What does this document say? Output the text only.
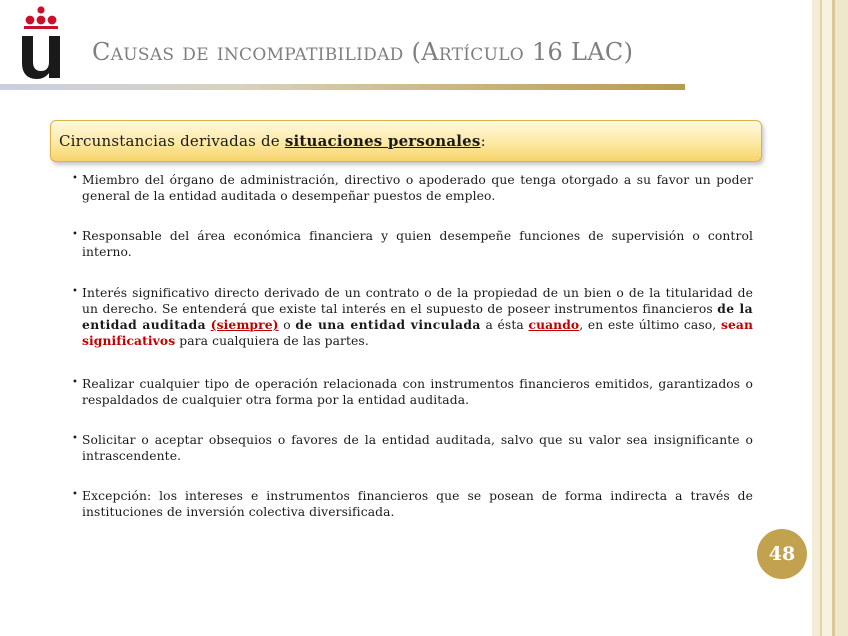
Causas de incompatibilidad (Artículo 16 LAC)
Circunstancias derivadas de situaciones personales:
• Miembro del órgano de administración, directivo o apoderado que tenga otorgado a su favor un poder general de la entidad auditada o desempeñar puestos de empleo.
• Responsable del área económica financiera y quien desempeñe funciones de supervisión o control interno.
• Interés significativo directo derivado de un contrato o de la propiedad de un bien o de la titularidad de un derecho. Se entenderá que existe tal interés en el supuesto de poseer instrumentos financieros de la entidad auditada (siempre) o de una entidad vinculada a ésta cuando, en este último caso, sean significativos para cualquiera de las partes.
• Realizar cualquier tipo de operación relacionada con instrumentos financieros emitidos, garantizados o respaldados de cualquier otra forma por la entidad auditada.
• Solicitar o aceptar obsequios o favores de la entidad auditada, salvo que su valor sea insignificante o intrascendente.
• Excepción: los intereses e instrumentos financieros que se posean de forma indirecta a través de instituciones de inversión colectiva diversificada.
48
